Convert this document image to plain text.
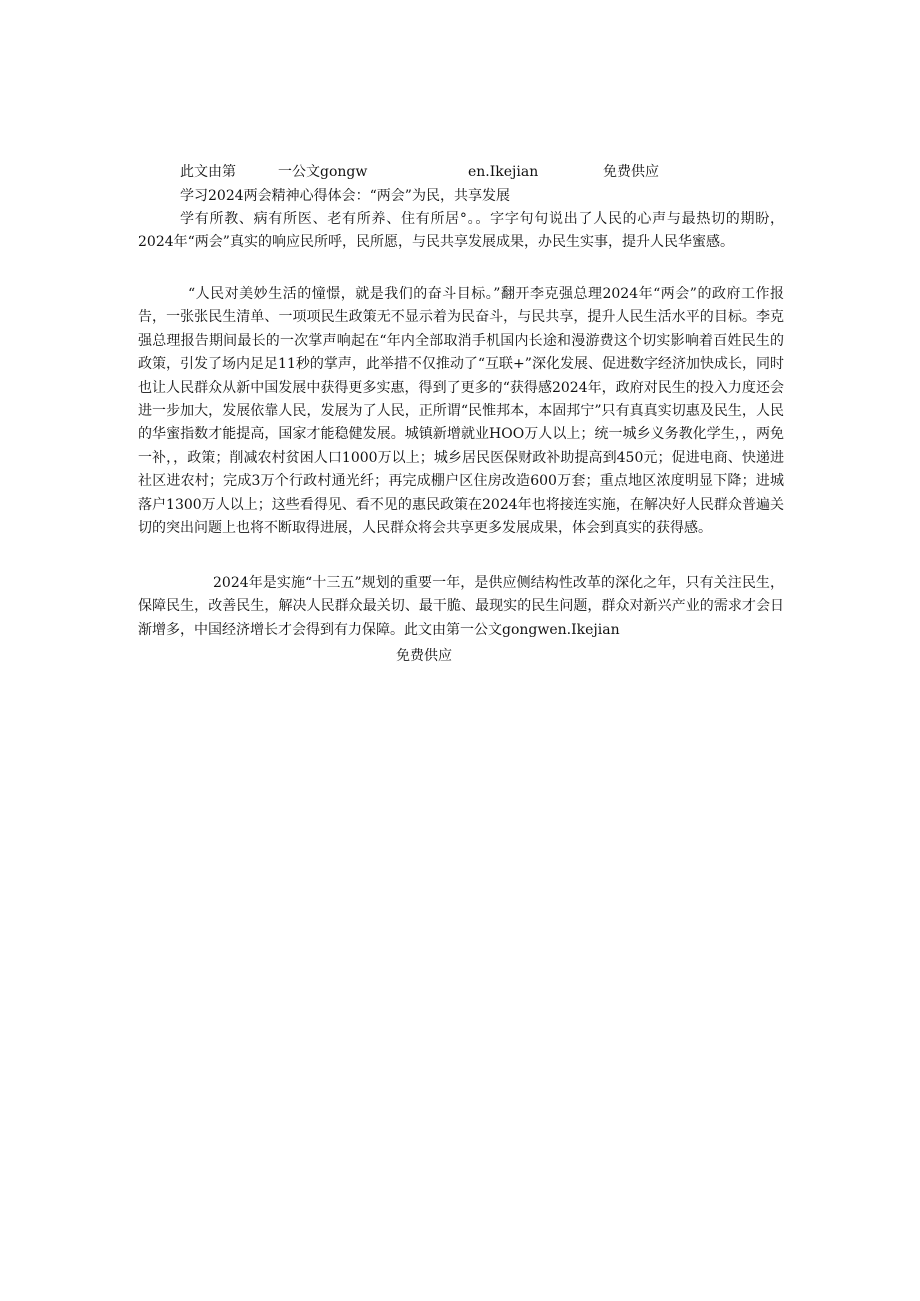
此文由第	一公文gongw	en.Ikejian	免费供应
学习2024两会精神心得体会：“两会”为民，共享发展

学有所教、病有所医、老有所养、住有所居°。。字字句句说出了人民的心声与最热切的期盼，2024年“两会”真实的响应民所呼，民所愿，与民共享发展成果，办民生实事，提升人民华蜜感。

“人民对美妙生活的憧憬，就是我们的奋斗目标。”翻开李克强总理2024年“两会”的政府工作报告，一张张民生清单、一项项民生政策无不显示着为民奋斗，与民共享，提升人民生活水平的目标。李克强总理报告期间最长的一次掌声响起在“年内全部取消手机国内长途和漫游费这个切实影响着百姓民生的政策，引发了场内足足11秒的掌声，此举措不仅推动了“互联+”深化发展、促进数字经济加快成长，同时也让人民群众从新中国发展中获得更多实惠，得到了更多的“获得感2024年，政府对民生的投入力度还会进一步加大，发展依靠人民，发展为了人民，正所谓“民惟邦本，本固邦宁”只有真真实切惠及民生，人民的华蜜指数才能提高，国家才能稳健发展。城镇新增就业HOO万人以上；统一城乡义务教化学生，，两免一补，，政策；削减农村贫困人口1000万以上；城乡居民医保财政补助提高到450元；促进电商、快递进社区进农村；完成3万个行政村通光纤；再完成棚户区住房改造600万套；重点地区浓度明显下降；进城落户1300万人以上；这些看得见、看不见的惠民政策在2024年也将接连实施，在解决好人民群众普遍关切的突出问题上也将不断取得进展，人民群众将会共享更多发展成果，体会到真实的获得感。

2024年是实施“十三五”规划的重要一年，是供应侧结构性改革的深化之年，只有关注民生，保障民生，改善民生，解决人民群众最关切、最干脆、最现实的民生问题，群众对新兴产业的需求才会日渐增多，中国经济增长才会得到有力保障。此文由第一公文gongwen.Ikejian

免费供应
